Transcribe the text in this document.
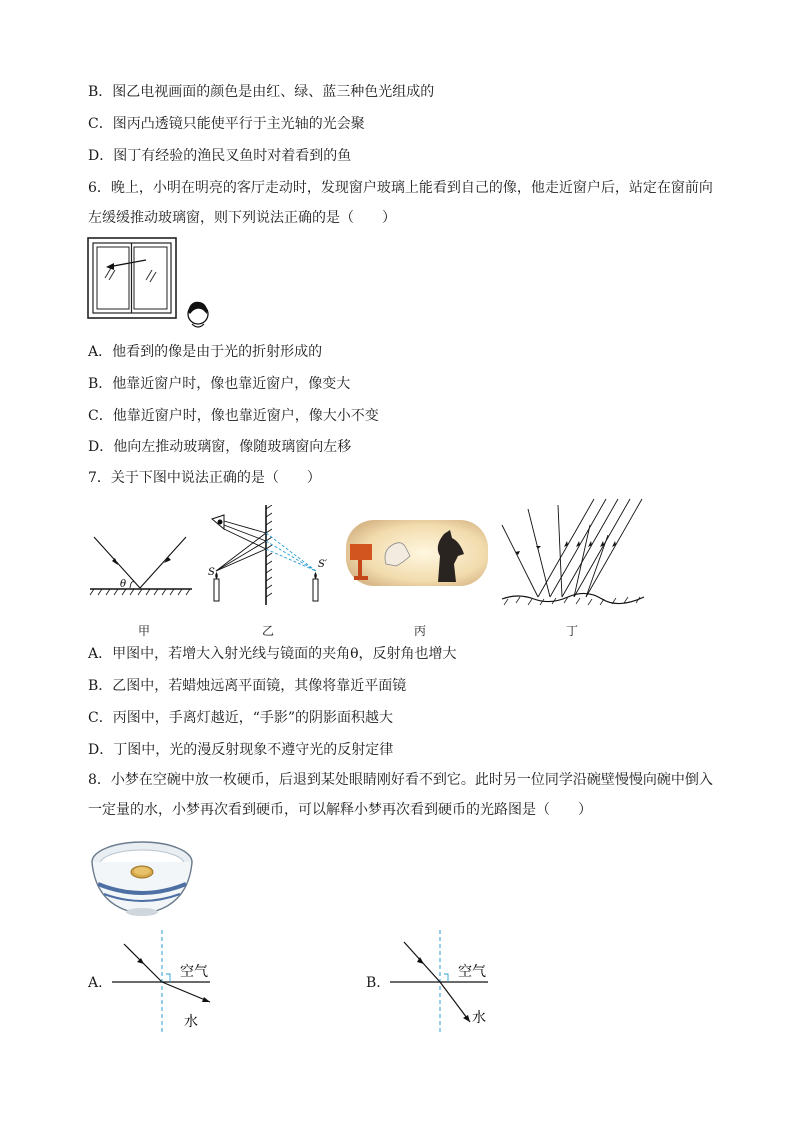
B．图乙电视画面的颜色是由红、绿、蓝三种色光组成的
C．图丙凸透镜只能使平行于主光轴的光会聚
D．图丁有经验的渔民叉鱼时对着看到的鱼
6．晚上，小明在明亮的客厅走动时，发现窗户玻璃上能看到自己的像，他走近窗户后，站定在窗前向
左缓缓推动玻璃窗，则下列说法正确的是（　　）
A．他看到的像是由于光的折射形成的
B．他靠近窗户时，像也靠近窗户，像变大
C．他靠近窗户时，像也靠近窗户，像大小不变
D．他向左推动玻璃窗，像随玻璃窗向左移
7．关于下图中说法正确的是（　　）
θ
S
S′
甲	乙	丙	丁
A．甲图中，若增大入射光线与镜面的夹角θ，反射角也增大
B．乙图中，若蜡烛远离平面镜，其像将靠近平面镜
C．丙图中，手离灯越近，“手影”的阴影面积越大
D．丁图中，光的漫反射现象不遵守光的反射定律
8．小梦在空碗中放一枚硬币，后退到某处眼睛刚好看不到它。此时另一位同学沿碗壁慢慢向碗中倒入
一定量的水，小梦再次看到硬币，可以解释小梦再次看到硬币的光路图是（　　）
A.
空气
水
B.
空气
水
